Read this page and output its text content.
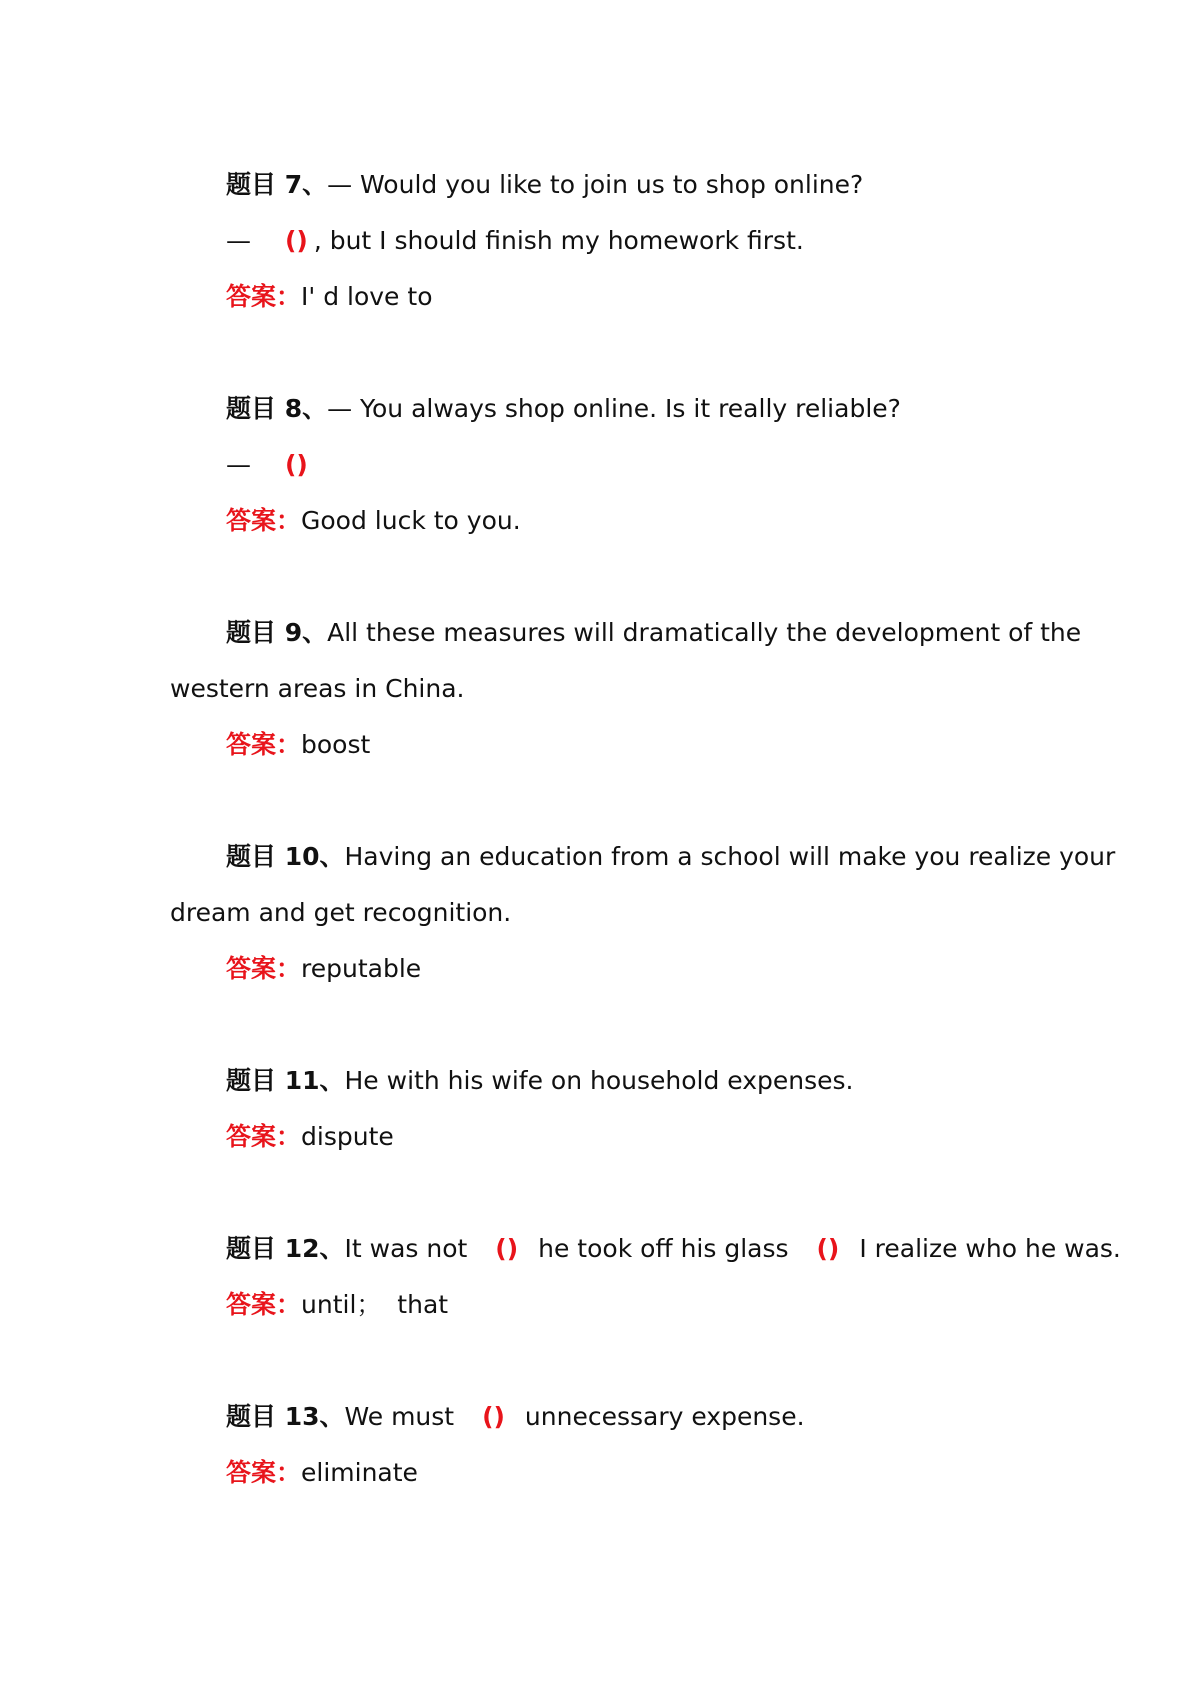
题目 7、— Would you like to join us to shop online?
— () , but I should finish my homework first.
答案：I' d love to
题目 8、— You always shop online. Is it really reliable?
— ()
答案：Good luck to you.
题目 9、All these measures will dramatically the development of the
western areas in China.
答案：boost
题目 10、Having an education from a school will make you realize your
dream and get recognition.
答案：reputable
题目 11、He with his wife on household expenses.
答案：dispute
题目 12、It was not () he took off his glass () I realize who he was.
答案：until；  that
题目 13、We must () unnecessary expense.
答案：eliminate
